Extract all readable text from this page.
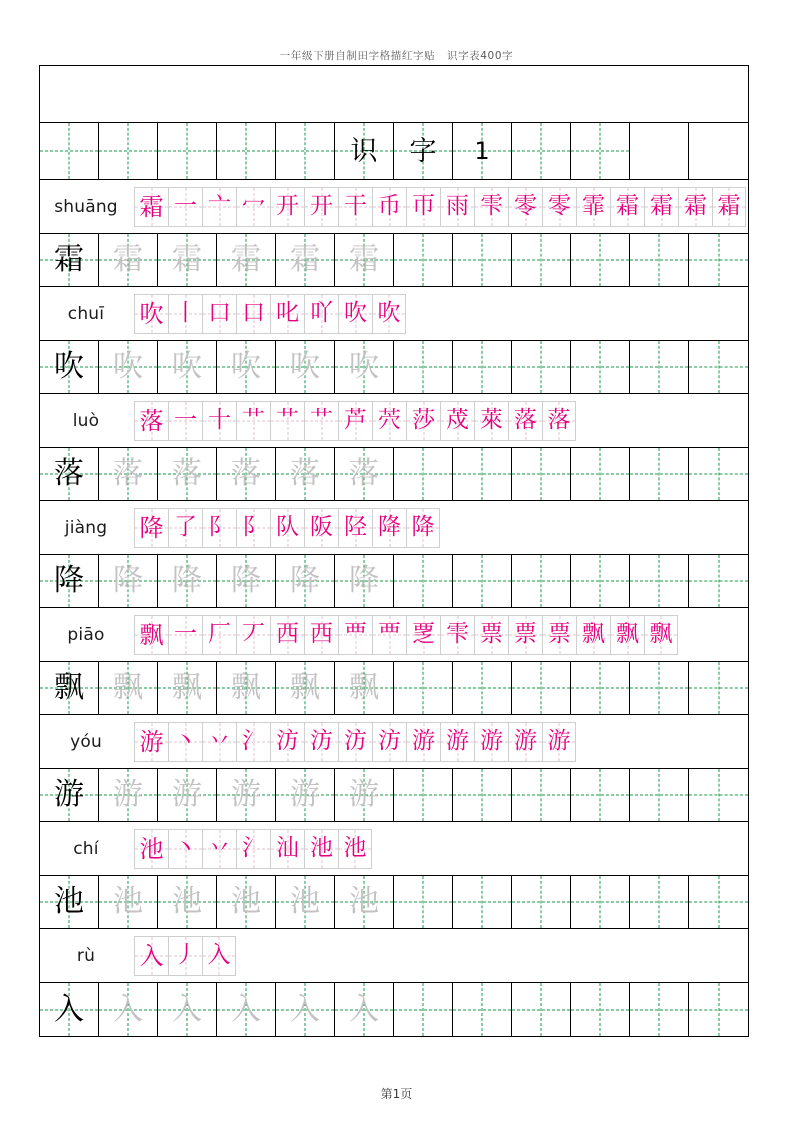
一年级下册自制田字格描红字贴   识字表400字
识 字 1
shuāng 霜 一 亠 冖 开 开 干 币 帀 雨 雫 零 零 霏 霜 霜 霜 霜
霜 霜 霜 霜 霜 霜
chuī	吹 丨 口 口 叱 吖 吹 吹
吹 吹 吹 吹 吹 吹
luò	落 一 十 艹 艹 艹 芦 茓 莎 荗 萊 落 落
落 落 落 落 落 落
jiàng	降 了 阝 阝 队 阪 陉 降 降
降 降 降 降 降 降
piāo	飘 一 厂 丆 西 西 覀 覀 覂 雫 票 票 票 飘 飘 飘
飘 飘 飘 飘 飘 飘
yóu	游 丶 丷 氵 汸 汸 汸 汸 游 游 游 游 游
游 游 游 游 游 游
chí	池 丶 丷 氵 汕 池 池
池 池 池 池 池 池
rù	入 丿 入
入 入 入 入 入 入
第1页
